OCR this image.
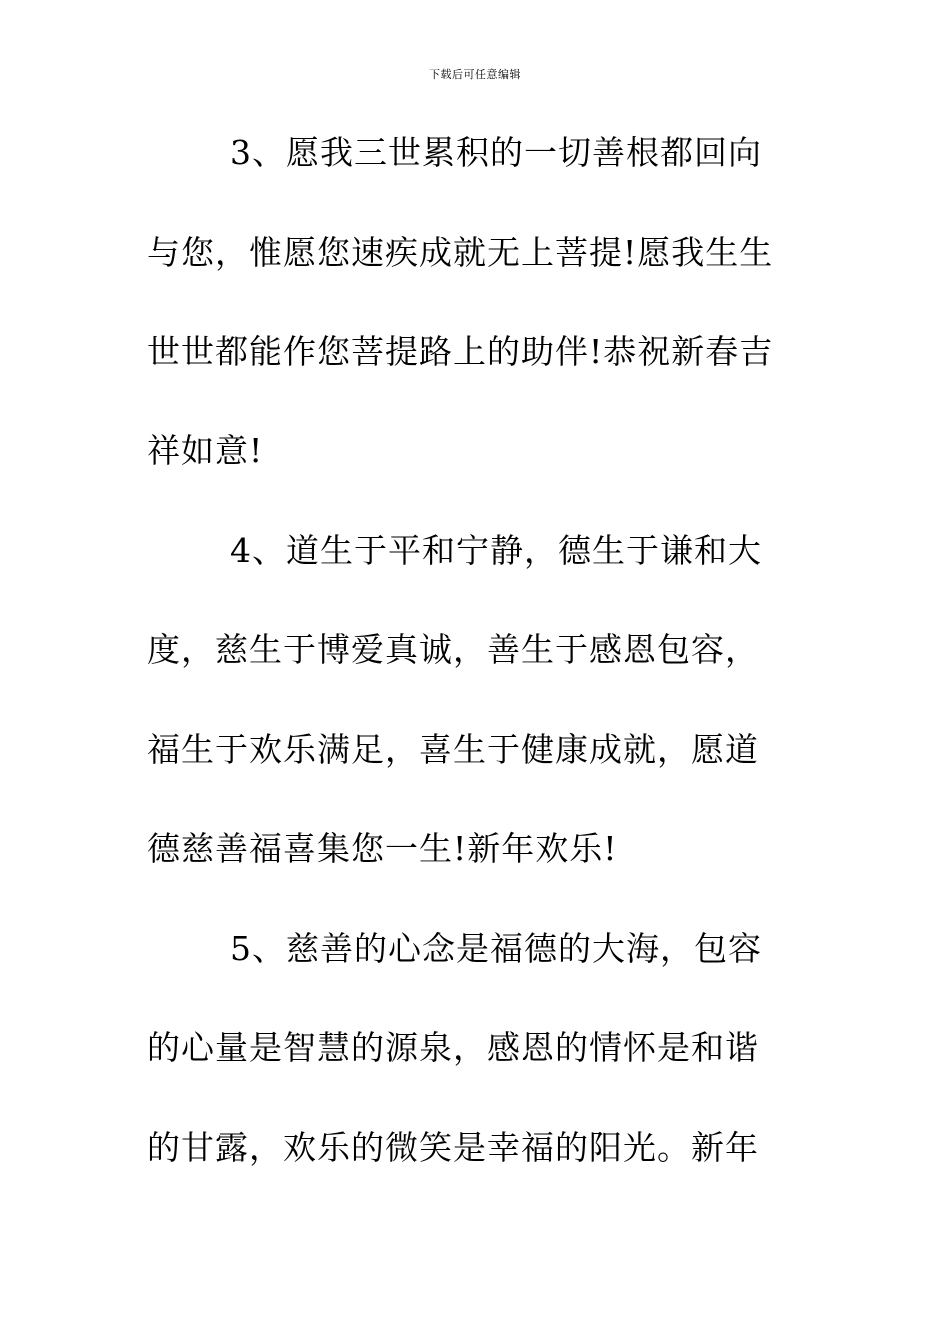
下载后可任意编辑
　3、愿我三世累积的一切善根都回向
与您，惟愿您速疾成就无上菩提!愿我生生
世世都能作您菩提路上的助伴!恭祝新春吉
祥如意!
　4、道生于平和宁静，德生于谦和大
度，慈生于博爱真诚，善生于感恩包容，
福生于欢乐满足，喜生于健康成就，愿道
德慈善福喜集您一生!新年欢乐!
　5、慈善的心念是福德的大海，包容
的心量是智慧的源泉，感恩的情怀是和谐
的甘露，欢乐的微笑是幸福的阳光。新年
